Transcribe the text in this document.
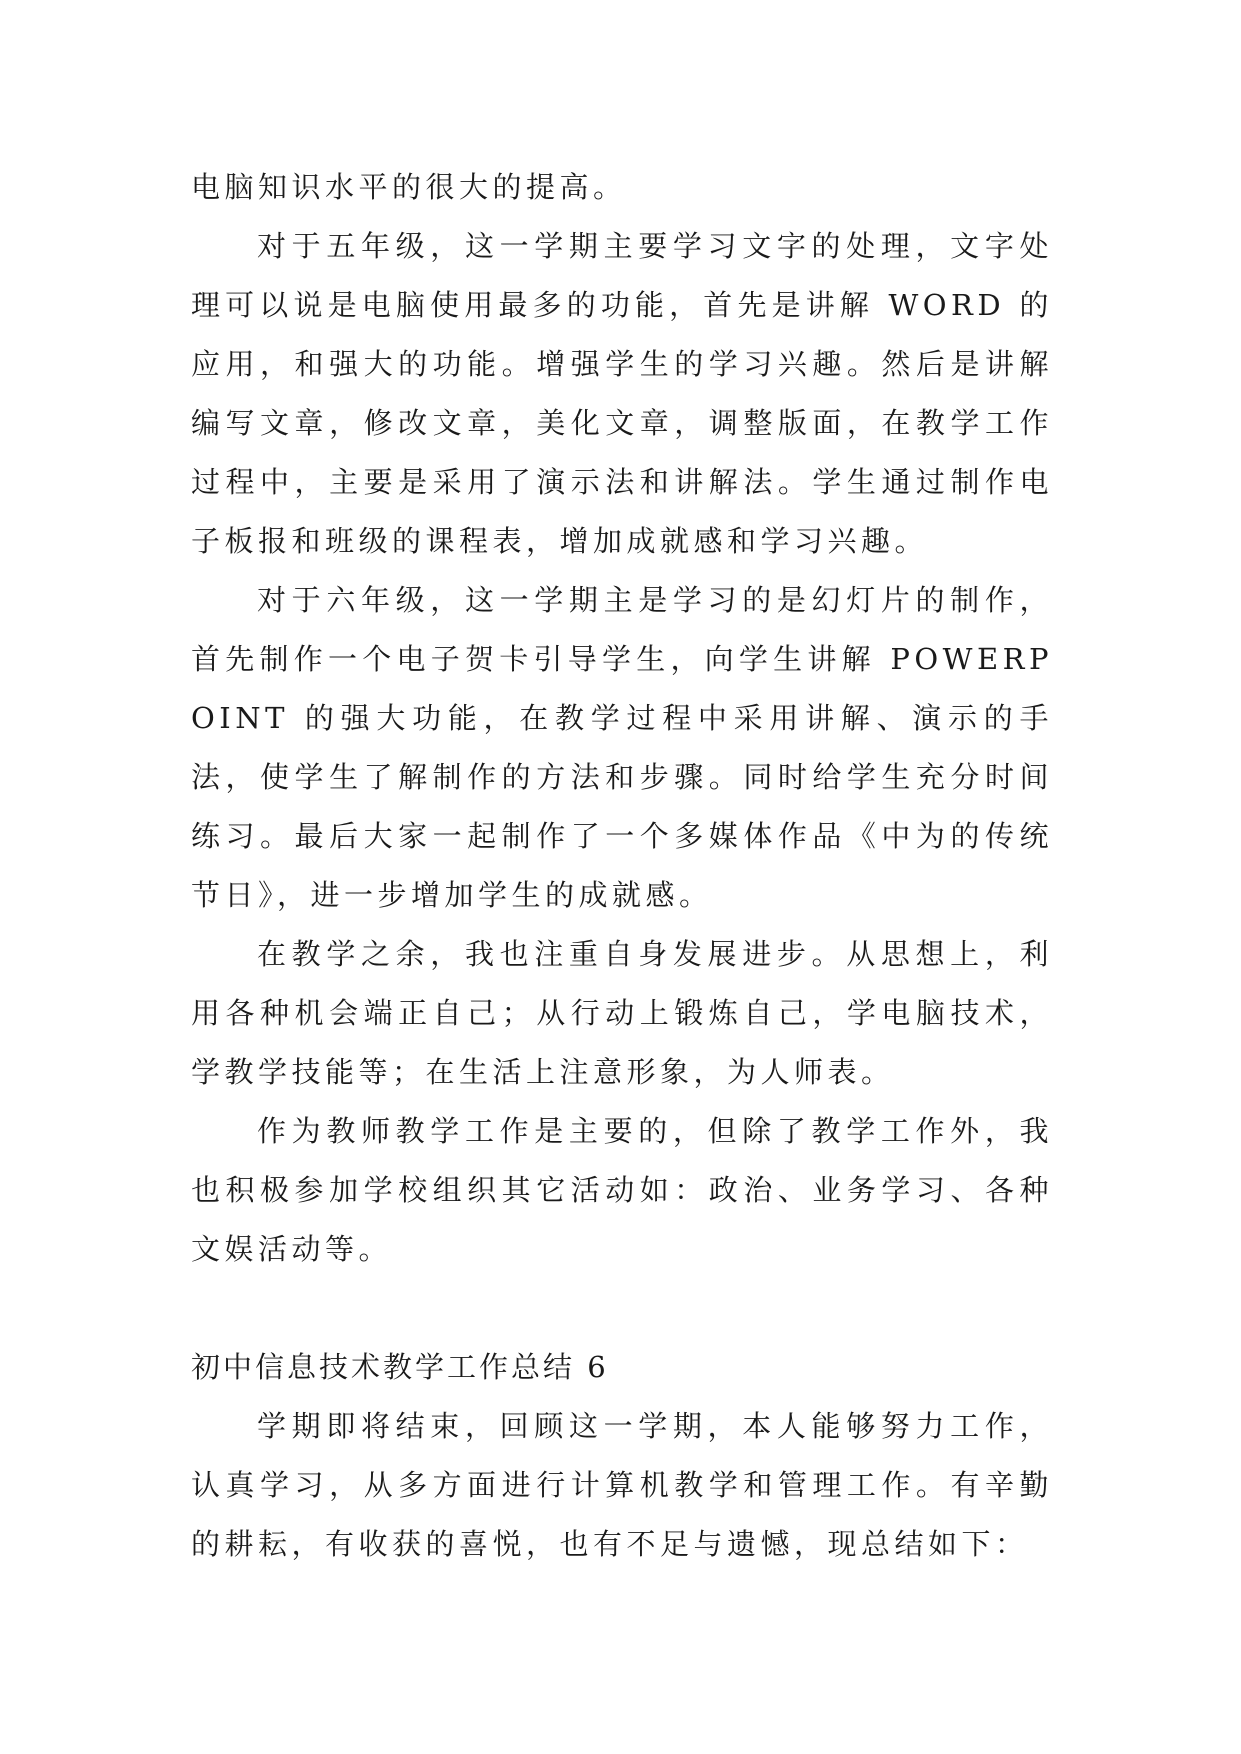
电脑知识水平的很大的提高。

对于五年级，这一学期主要学习文字的处理，文字处理可以说是电脑使用最多的功能，首先是讲解 WORD 的应用，和强大的功能。增强学生的学习兴趣。然后是讲解编写文章，修改文章，美化文章，调整版面，在教学工作过程中，主要是采用了演示法和讲解法。学生通过制作电子板报和班级的课程表，增加成就感和学习兴趣。

对于六年级，这一学期主是学习的是幻灯片的制作，首先制作一个电子贺卡引导学生，向学生讲解 POWERPOINT 的强大功能，在教学过程中采用讲解、演示的手法，使学生了解制作的方法和步骤。同时给学生充分时间练习。最后大家一起制作了一个多媒体作品《中为的传统节日》，进一步增加学生的成就感。

在教学之余，我也注重自身发展进步。从思想上，利用各种机会端正自己；从行动上锻炼自己，学电脑技术，学教学技能等；在生活上注意形象，为人师表。

作为教师教学工作是主要的，但除了教学工作外，我也积极参加学校组织其它活动如：政治、业务学习、各种文娱活动等。

初中信息技术教学工作总结 6

学期即将结束，回顾这一学期，本人能够努力工作，认真学习，从多方面进行计算机教学和管理工作。有辛勤的耕耘，有收获的喜悦，也有不足与遗憾，现总结如下：
